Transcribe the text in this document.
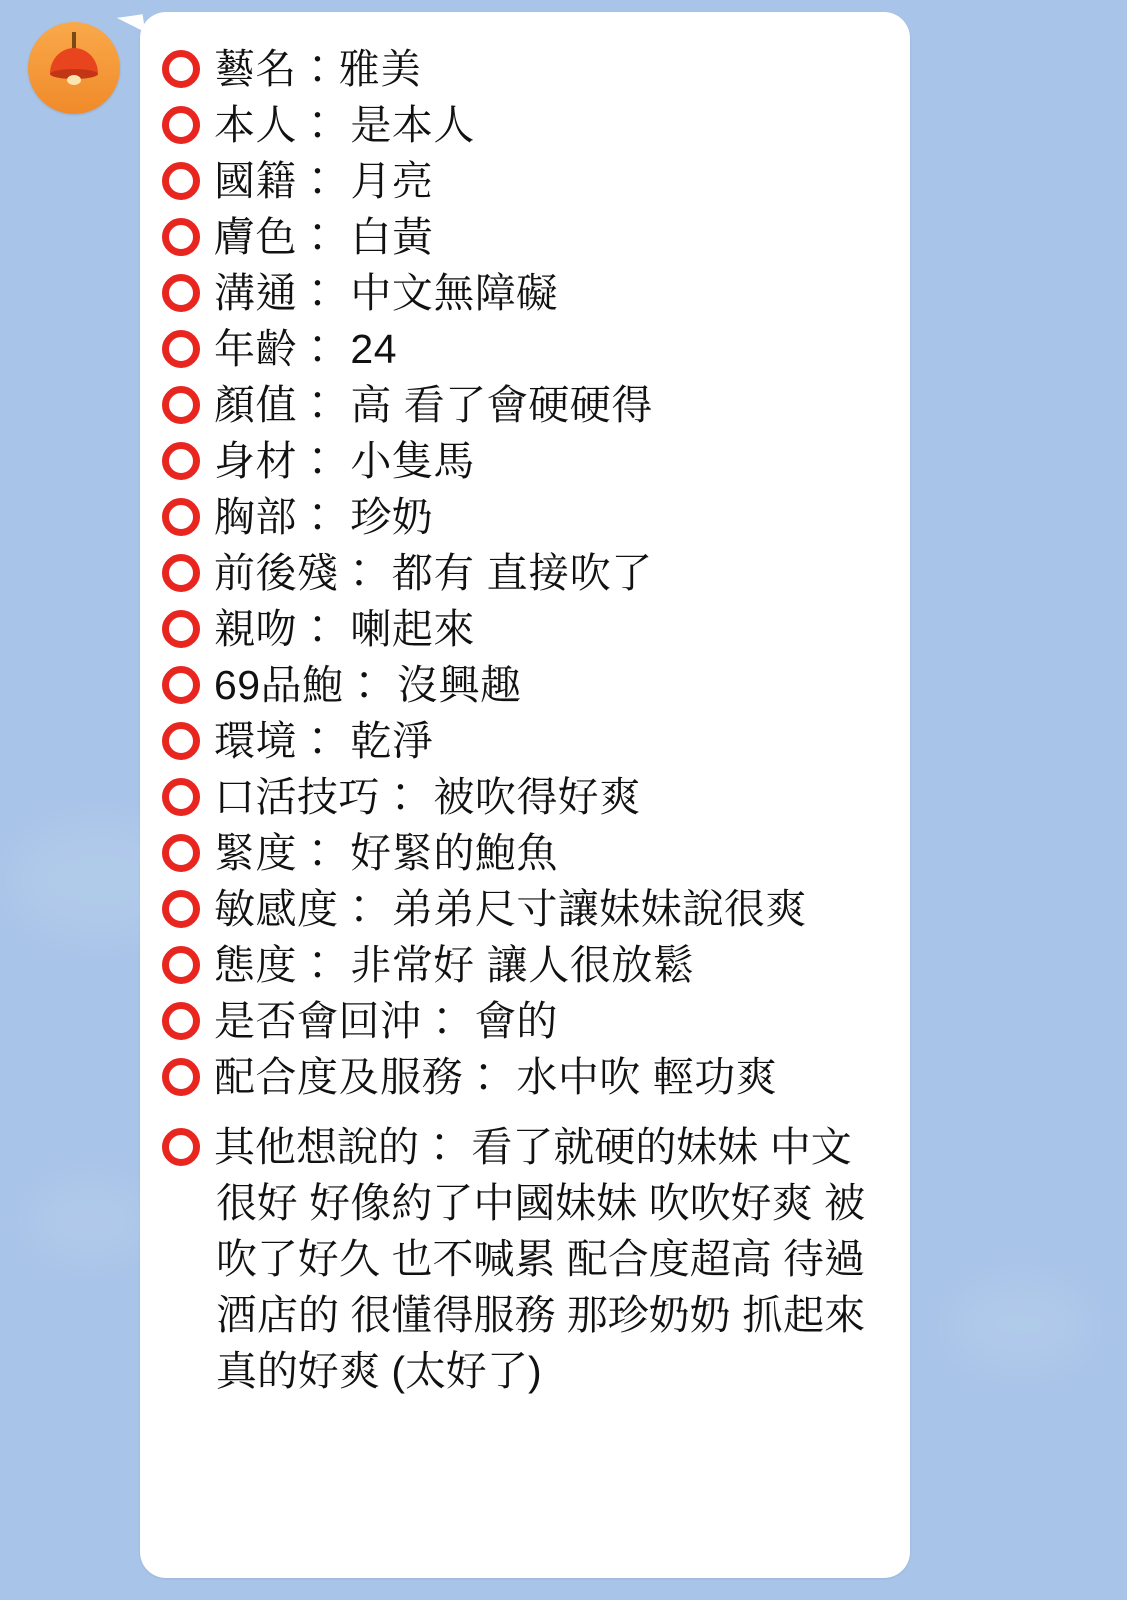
藝名：雅美
本人： 是本人
國籍： 月亮
膚色： 白黃
溝通： 中文無障礙
年齡： 24
顏值： 高 看了會硬硬得
身材： 小隻馬
胸部： 珍奶
前後殘： 都有 直接吹了
親吻： 喇起來
69品鮑： 沒興趣
環境： 乾淨
口活技巧： 被吹得好爽
緊度： 好緊的鮑魚
敏感度： 弟弟尺寸讓妹妹說很爽
態度： 非常好 讓人很放鬆
是否會回沖： 會的
配合度及服務： 水中吹 輕功爽
其他想說的： 看了就硬的妹妹 中文很好 好像約了中國妹妹 吹吹好爽 被吹了好久 也不喊累 配合度超高 待過酒店的 很懂得服務 那珍奶奶 抓起來真的好爽 (太好了)
